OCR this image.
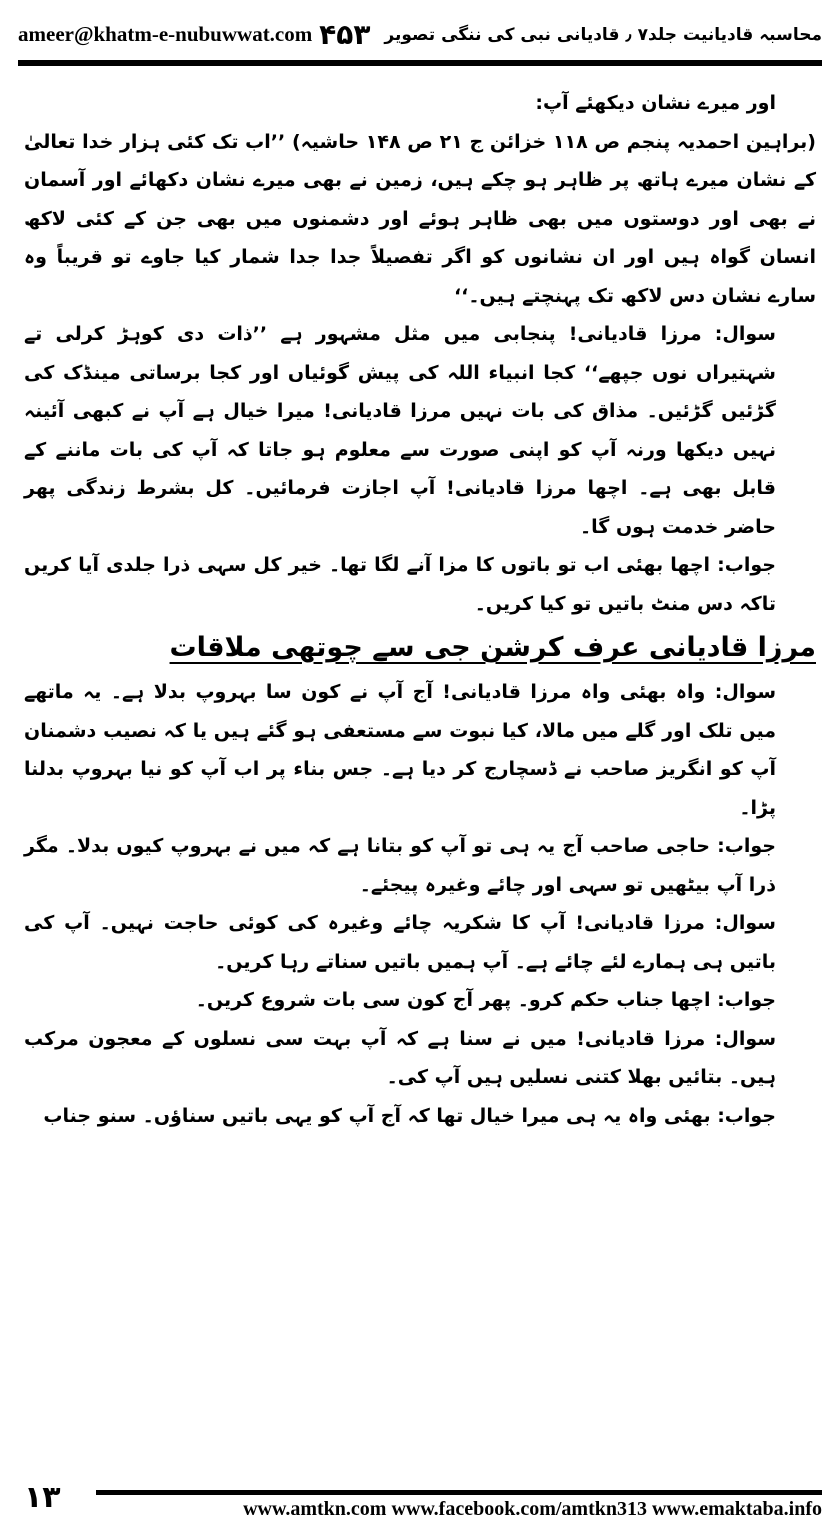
ameer@khatm-e-nubuwwat.com	محاسبہ قادیانیت جلد۷ ٫ قادیانی نبی کی ننگی تصویر
۴۵۳

اور میرے نشان دیکھئے آپ:

(براہین احمدیہ پنجم ص ۱۱۸ خزائن ج ۲۱ ص ۱۴۸ حاشیہ) ’’اب تک کئی ہزار خدا تعالیٰ کے نشان میرے ہاتھ پر ظاہر ہو چکے ہیں، زمین نے بھی میرے نشان دکھائے اور آسمان نے بھی اور دوستوں میں بھی ظاہر ہوئے اور دشمنوں میں بھی جن کے کئی لاکھ انسان گواہ ہیں اور ان نشانوں کو اگر تفصیلاً جدا جدا شمار کیا جاوے تو قریباً وہ سارے نشان دس لاکھ تک پہنچتے ہیں۔‘‘

سوال: مرزا قادیانی! پنجابی میں مثل مشہور ہے ’’ذات دی کوہڑ کرلی تے شہتیراں نوں جپھے‘‘ کجا انبیاء اللہ کی پیش گوئیاں اور کجا برساتی مینڈک کی گڑئیں گڑئیں۔ مذاق کی بات نہیں مرزا قادیانی! میرا خیال ہے آپ نے کبھی آئینہ نہیں دیکھا ورنہ آپ کو اپنی صورت سے معلوم ہو جاتا کہ آپ کی بات ماننے کے قابل بھی ہے۔ اچھا مرزا قادیانی! آپ اجازت فرمائیں۔ کل بشرط زندگی پھر حاضر خدمت ہوں گا۔

جواب: اچھا بھئی اب تو باتوں کا مزا آنے لگا تھا۔ خیر کل سہی ذرا جلدی آیا کریں تاکہ دس منٹ باتیں تو کیا کریں۔

مرزا قادیانی عرف کرشن جی سے چوتھی ملاقات

سوال: واہ بھئی واہ مرزا قادیانی! آج آپ نے کون سا بہروپ بدلا ہے۔ یہ ماتھے میں تلک اور گلے میں مالا، کیا نبوت سے مستعفی ہو گئے ہیں یا کہ نصیب دشمنان آپ کو انگریز صاحب نے ڈسچارج کر دیا ہے۔ جس بناء پر اب آپ کو نیا بہروپ بدلنا پڑا۔

جواب: حاجی صاحب آج یہ ہی تو آپ کو بتانا ہے کہ میں نے بہروپ کیوں بدلا۔ مگر ذرا آپ بیٹھیں تو سہی اور چائے وغیرہ پیجئے۔

سوال: مرزا قادیانی! آپ کا شکریہ چائے وغیرہ کی کوئی حاجت نہیں۔ آپ کی باتیں ہی ہمارے لئے چائے ہے۔ آپ ہمیں باتیں سناتے رہا کریں۔

جواب: اچھا جناب حکم کرو۔ پھر آج کون سی بات شروع کریں۔

سوال: مرزا قادیانی! میں نے سنا ہے کہ آپ بہت سی نسلوں کے معجون مرکب ہیں۔ بتائیں بھلا کتنی نسلیں ہیں آپ کی۔

جواب: بھئی واہ یہ ہی میرا خیال تھا کہ آج آپ کو یہی باتیں سناؤں۔ سنو جناب

۱۳	www.amtkn.com www.facebook.com/amtkn313 www.emaktaba.info
